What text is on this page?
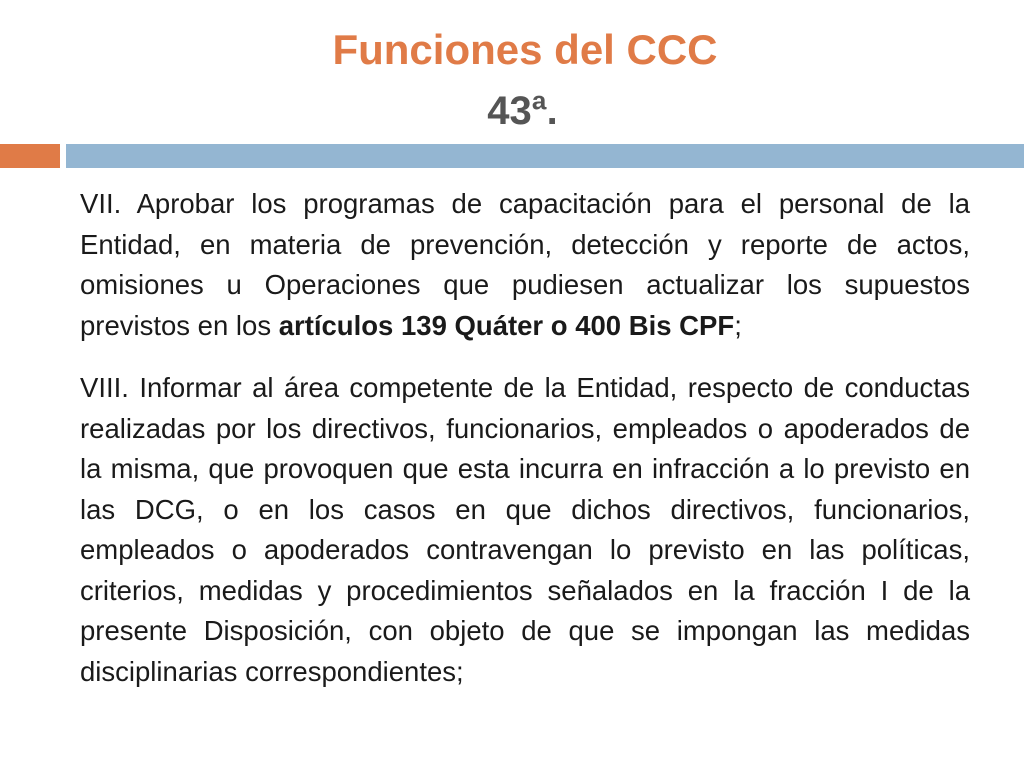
Funciones del CCC
43ª.

VII. Aprobar los programas de capacitación para el personal de la Entidad, en materia de prevención, detección y reporte de actos, omisiones u Operaciones que pudiesen actualizar los supuestos previstos en los artículos 139 Quáter o 400 Bis CPF;

VIII. Informar al área competente de la Entidad, respecto de conductas realizadas por los directivos, funcionarios, empleados o apoderados de la misma, que provoquen que esta incurra en infracción a lo previsto en las DCG, o en los casos en que dichos directivos, funcionarios, empleados o apoderados contravengan lo previsto en las políticas, criterios, medidas y procedimientos señalados en la fracción I de la presente Disposición, con objeto de que se impongan las medidas disciplinarias correspondientes;
